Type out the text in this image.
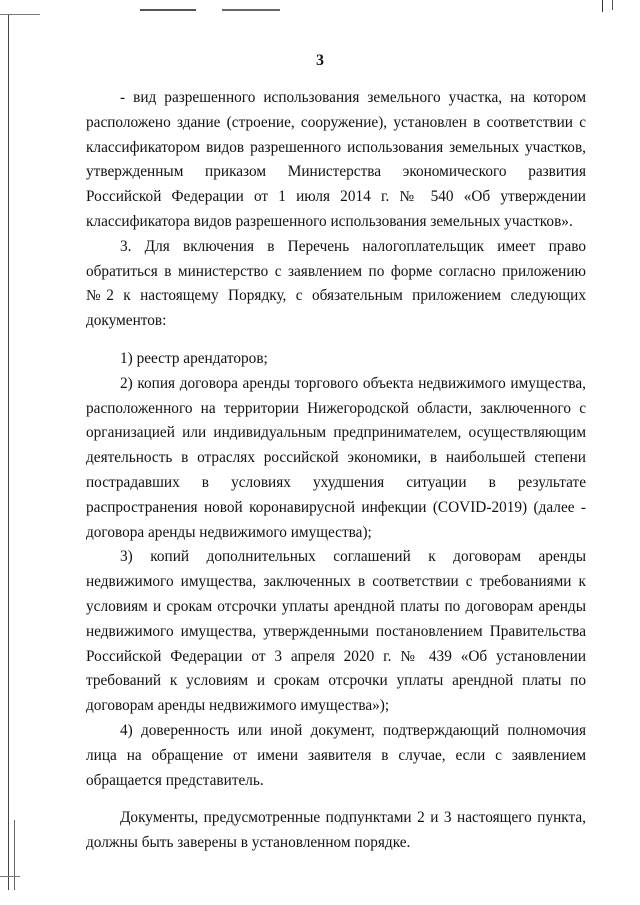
3

- вид разрешенного использования земельного участка, на котором расположено здание (строение, сооружение), установлен в соответствии с классификатором видов разрешенного использования земельных участков, утвержденным приказом Министерства экономического развития Российской Федерации от 1 июля 2014 г. № 540 «Об утверждении классификатора видов разрешенного использования земельных участков».

3. Для включения в Перечень налогоплательщик имеет право обратиться в министерство с заявлением по форме согласно приложению №2 к настоящему Порядку, с обязательным приложением следующих документов:

1) реестр арендаторов;

2) копия договора аренды торгового объекта недвижимого имущества, расположенного на территории Нижегородской области, заключенного с организацией или индивидуальным предпринимателем, осуществляющим деятельность в отраслях российской экономики, в наибольшей степени пострадавших в условиях ухудшения ситуации в результате распространения новой коронавирусной инфекции (COVID-2019) (далее - договора аренды недвижимого имущества);

3) копий дополнительных соглашений к договорам аренды недвижимого имущества, заключенных в соответствии с требованиями к условиям и срокам отсрочки уплаты арендной платы по договорам аренды недвижимого имущества, утвержденными постановлением Правительства Российской Федерации от 3 апреля 2020 г. № 439 «Об установлении требований к условиям и срокам отсрочки уплаты арендной платы по договорам аренды недвижимого имущества»);

4) доверенность или иной документ, подтверждающий полномочия лица на обращение от имени заявителя в случае, если с заявлением обращается представитель.

Документы, предусмотренные подпунктами 2 и 3 настоящего пункта, должны быть заверены в установленном порядке.
